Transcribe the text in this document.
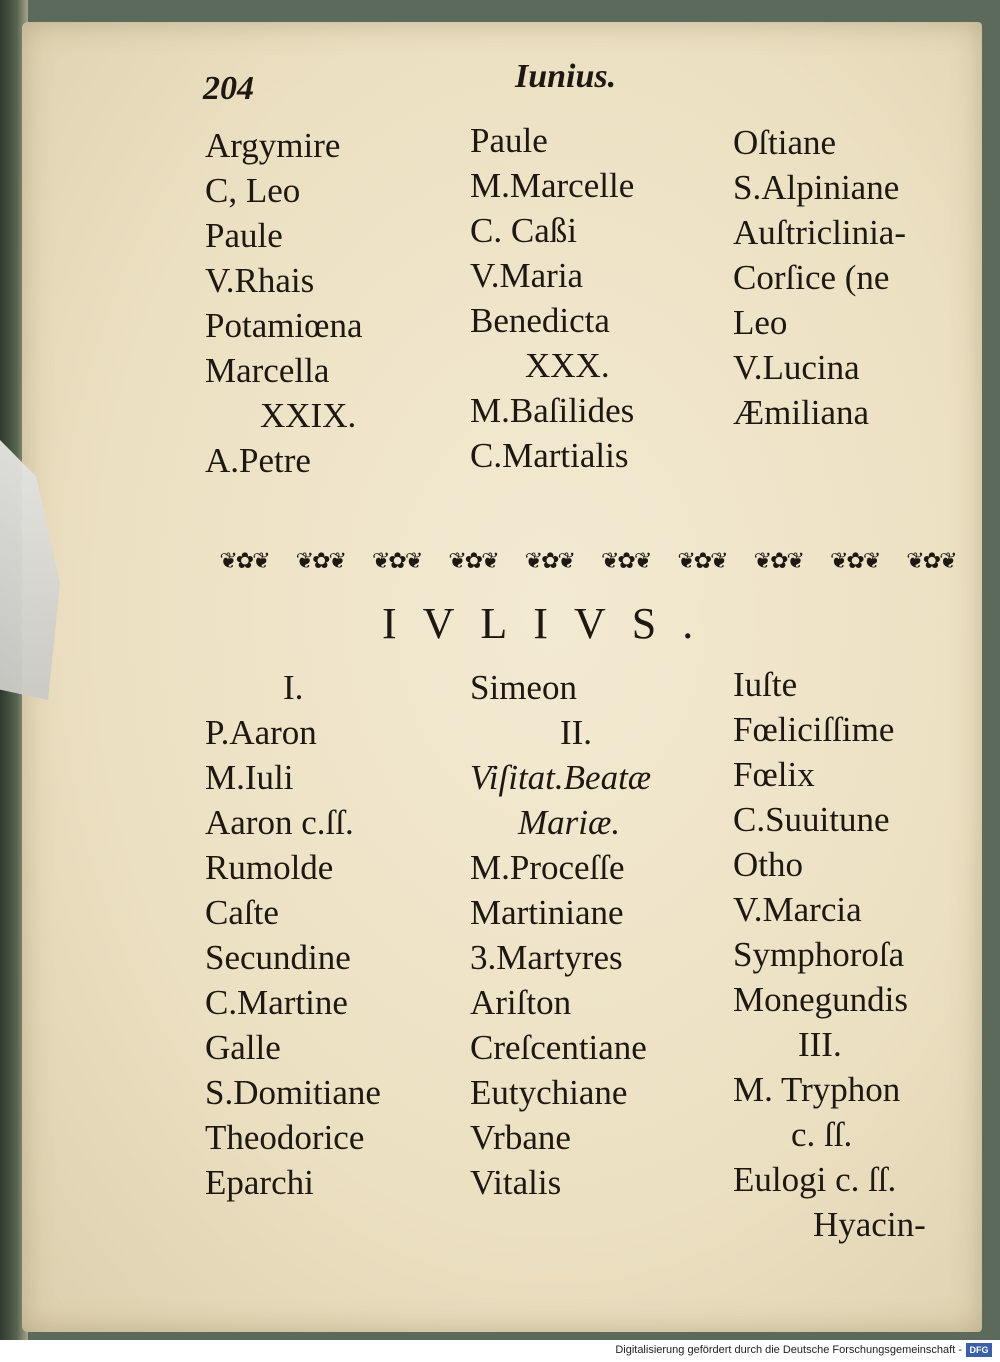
204	Iunius.
Argymire
C, Leo
Paule
V.Rhais
Potamiœna
Marcella
XXIX.
A.Petre
Paule
M.Marcelle
C. Caßi
V.Maria
Benedicta
XXX.
M.Baſilides
C.Martialis
Oſtiane
S.Alpiniane
Auſtriclinia-
Corſice (ne
Leo
V.Lucina
Æmiliana
❦✿❦	❦✿❦	❦✿❦	❦✿❦	❦✿❦	❦✿❦	❦✿❦	❦✿❦	❦✿❦	❦✿❦
IVLIVS.
I.
P.Aaron
M.Iuli
Aaron c.ſſ.
Rumolde
Caſte
Secundine
C.Martine
Galle
S.Domitiane
Theodorice
Eparchi
Simeon
II.
Viſitat.Beatæ
Mariæ.
M.Proceſſe
Martiniane
3.Martyres
Ariſton
Creſcentiane
Eutychiane
Vrbane
Vitalis
Iuſte
Fœliciſſime
Fœlix
C.Suuitune
Otho
V.Marcia
Symphoroſa
Monegundis
III.
M. Tryphon
c. ſſ.
Eulogi c. ſſ.
Hyacin-
Digitalisierung gefördert durch die Deutsche Forschungsgemeinschaft - DFG
